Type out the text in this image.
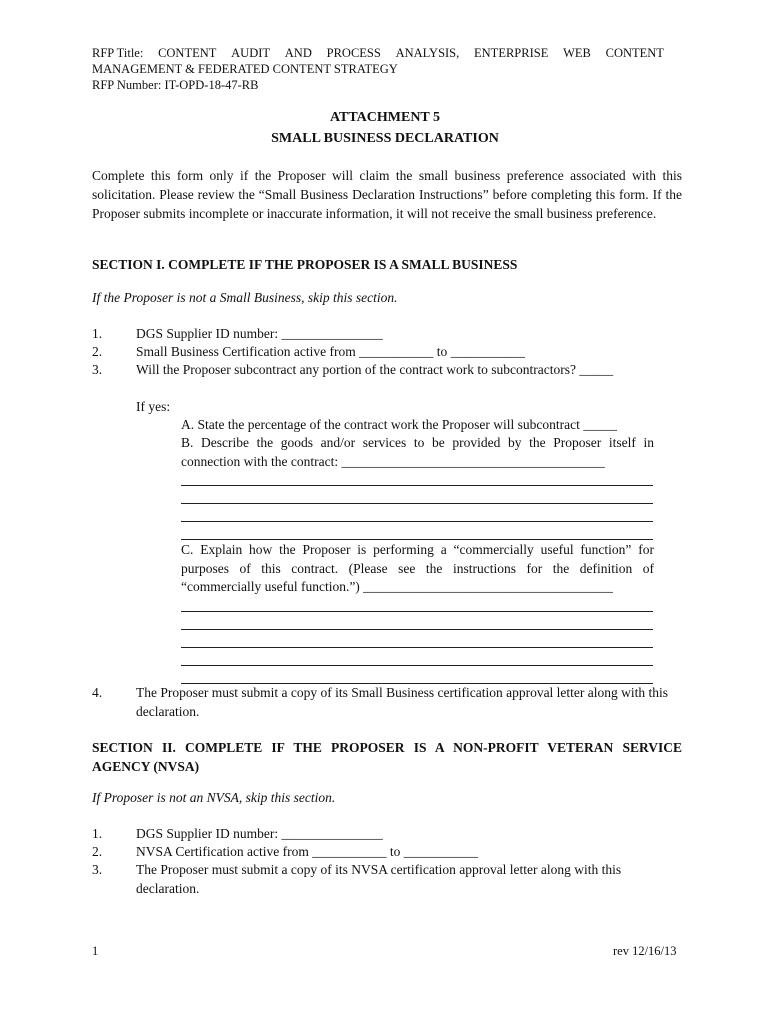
RFP Title: CONTENT AUDIT AND PROCESS ANALYSIS, ENTERPRISE WEB CONTENT
MANAGEMENT & FEDERATED CONTENT STRATEGY
RFP Number: IT-OPD-18-47-RB
ATTACHMENT 5
SMALL BUSINESS DECLARATION
Complete this form only if the Proposer will claim the small business preference associated with this solicitation. Please review the “Small Business Declaration Instructions” before completing this form. If the Proposer submits incomplete or inaccurate information, it will not receive the small business preference.
SECTION I. COMPLETE IF THE PROPOSER IS A SMALL BUSINESS
If the Proposer is not a Small Business, skip this section.
1.	DGS Supplier ID number: _______________
2.	Small Business Certification active from ___________ to ___________
3.	Will the Proposer subcontract any portion of the contract work to subcontractors? _____
If yes:
A. State the percentage of the contract work the Proposer will subcontract _____
B. Describe the goods and/or services to be provided by the Proposer itself in connection with the contract: _______________________________________
C. Explain how the Proposer is performing a “commercially useful function” for purposes of this contract. (Please see the instructions for the definition of “commercially useful function.”) _____________________________________
4.	The Proposer must submit a copy of its Small Business certification approval letter along with this declaration.
SECTION II. COMPLETE IF THE PROPOSER IS A NON-PROFIT VETERAN SERVICE AGENCY (NVSA)
If Proposer is not an NVSA, skip this section.
1.	DGS Supplier ID number: _______________
2.	NVSA Certification active from ___________ to ___________
3.	The Proposer must submit a copy of its NVSA certification approval letter along with this declaration.
1	rev 12/16/13
